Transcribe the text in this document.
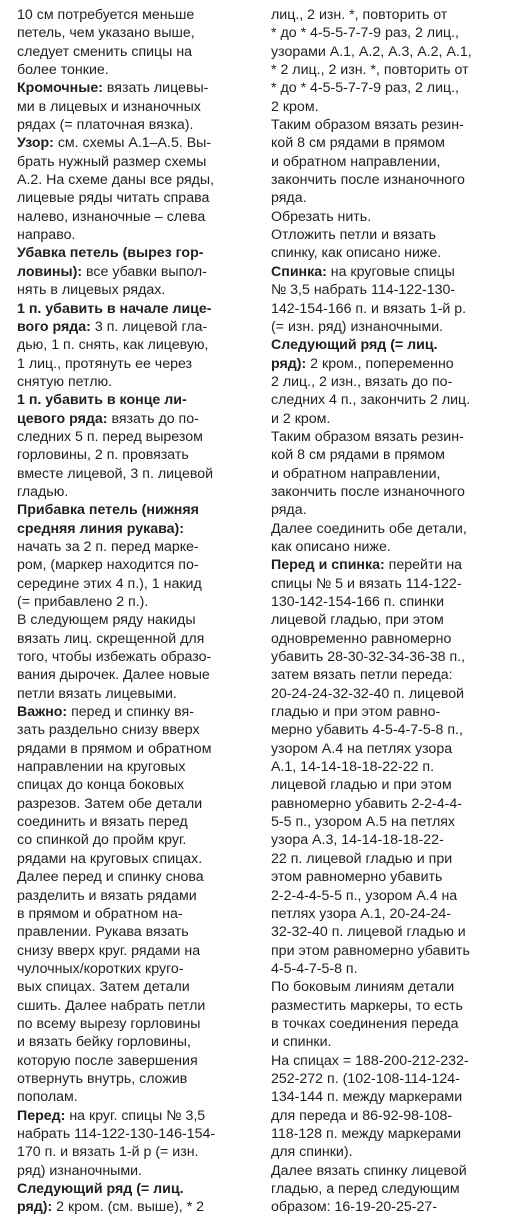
10 см потребуется меньше
петель, чем указано выше,
следует сменить спицы на
более тонкие.
Кромочные: вязать лицевы-
ми в лицевых и изнаночных
рядах (= платочная вязка).
Узор: см. схемы А.1–А.5. Вы-
брать нужный размер схемы
А.2. На схеме даны все ряды,
лицевые ряды читать справа
налево, изнаночные – слева
направо.
Убавка петель (вырез гор-
ловины): все убавки выпол-
нять в лицевых рядах.
1 п. убавить в начале лице-
вого ряда: 3 п. лицевой гла-
дью, 1 п. снять, как лицевую,
1 лиц., протянуть ее через
снятую петлю.
1 п. убавить в конце ли-
цевого ряда: вязать до по-
следних 5 п. перед вырезом
горловины, 2 п. провязать
вместе лицевой, 3 п. лицевой
гладью.
Прибавка петель (нижняя
средняя линия рукава):
начать за 2 п. перед маркe-
ром, (маркер находится по-
середине этих 4 п.), 1 накид
(= прибавлено 2 п.).
В следующем ряду накиды
вязать лиц. скрещенной для
того, чтобы избежать образо-
вания дырочек. Далее новые
петли вязать лицевыми.
Важно: перед и спинку вя-
зать раздельно снизу вверх
рядами в прямом и обратном
направлении на круговых
спицах до конца боковых
разрезов. Затем обе детали
соединить и вязать перед
со спинкой до пройм круг.
рядами на круговых спицах.
Далее перед и спинку снова
разделить и вязать рядами
в прямом и обратном на-
правлении. Рукава вязать
снизу вверх круг. рядами на
чулочных/коротких круго-
вых спицах. Затем детали
сшить. Далее набрать петли
по всему вырезу горловины
и вязать бейку горловины,
которую после завершения
отвернуть внутрь, сложив
пополам.
Перед: на круг. спицы № 3,5
набрать 114-122-130-146-154-
170 п. и вязать 1-й р (= изн.
ряд) изнаночными.
Следующий ряд (= лиц.
ряд): 2 кром. (см. выше), * 2
лиц., 2 изн. *, повторить от
* до * 4-5-5-7-7-9 раз, 2 лиц.,
узорами А.1, А.2, А.3, А.2, А.1,
* 2 лиц., 2 изн. *, повторить от
* до * 4-5-5-7-7-9 раз, 2 лиц.,
2 кром.
Таким образом вязать резин-
кой 8 см рядами в прямом
и обратном направлении,
закончить после изнаночного
ряда.
Обрезать нить.
Отложить петли и вязать
спинку, как описано ниже.
Спинка: на круговые спицы
№ 3,5 набрать 114-122-130-
142-154-166 п. и вязать 1-й р.
(= изн. ряд) изнаночными.
Следующий ряд (= лиц.
ряд): 2 кром., попеременно
2 лиц., 2 изн., вязать до по-
следних 4 п., закончить 2 лиц.
и 2 кром.
Таким образом вязать резин-
кой 8 см рядами в прямом
и обратном направлении,
закончить после изнаночного
ряда.
Далее соединить обе детали,
как описано ниже.
Перед и спинка: перейти на
спицы № 5 и вязать 114-122-
130-142-154-166 п. спинки
лицевой гладью, при этом
одновременно равномерно
убавить 28-30-32-34-36-38 п.,
затем вязать петли переда:
20-24-24-32-32-40 п. лицевой
гладью и при этом равно-
мерно убавить 4-5-4-7-5-8 п.,
узором А.4 на петлях узора
А.1, 14-14-18-18-22-22 п.
лицевой гладью и при этом
равномерно убавить 2-2-4-4-
5-5 п., узором А.5 на петлях
узора А.3, 14-14-18-18-22-
22 п. лицевой гладью и при
этом равномерно убавить
2-2-4-4-5-5 п., узором А.4 на
петлях узора А.1, 20-24-24-
32-32-40 п. лицевой гладью и
при этом равномерно убавить
4-5-4-7-5-8 п.
По боковым линиям детали
разместить маркеры, то есть
в точках соединения переда
и спинки.
На спицах = 188-200-212-232-
252-272 п. (102-108-114-124-
134-144 п. между маркерами
для переда и 86-92-98-108-
118-128 п. между маркерами
для спинки).
Далее вязать спинку лицевой
гладью, а перед следующим
образом: 16-19-20-25-27-
